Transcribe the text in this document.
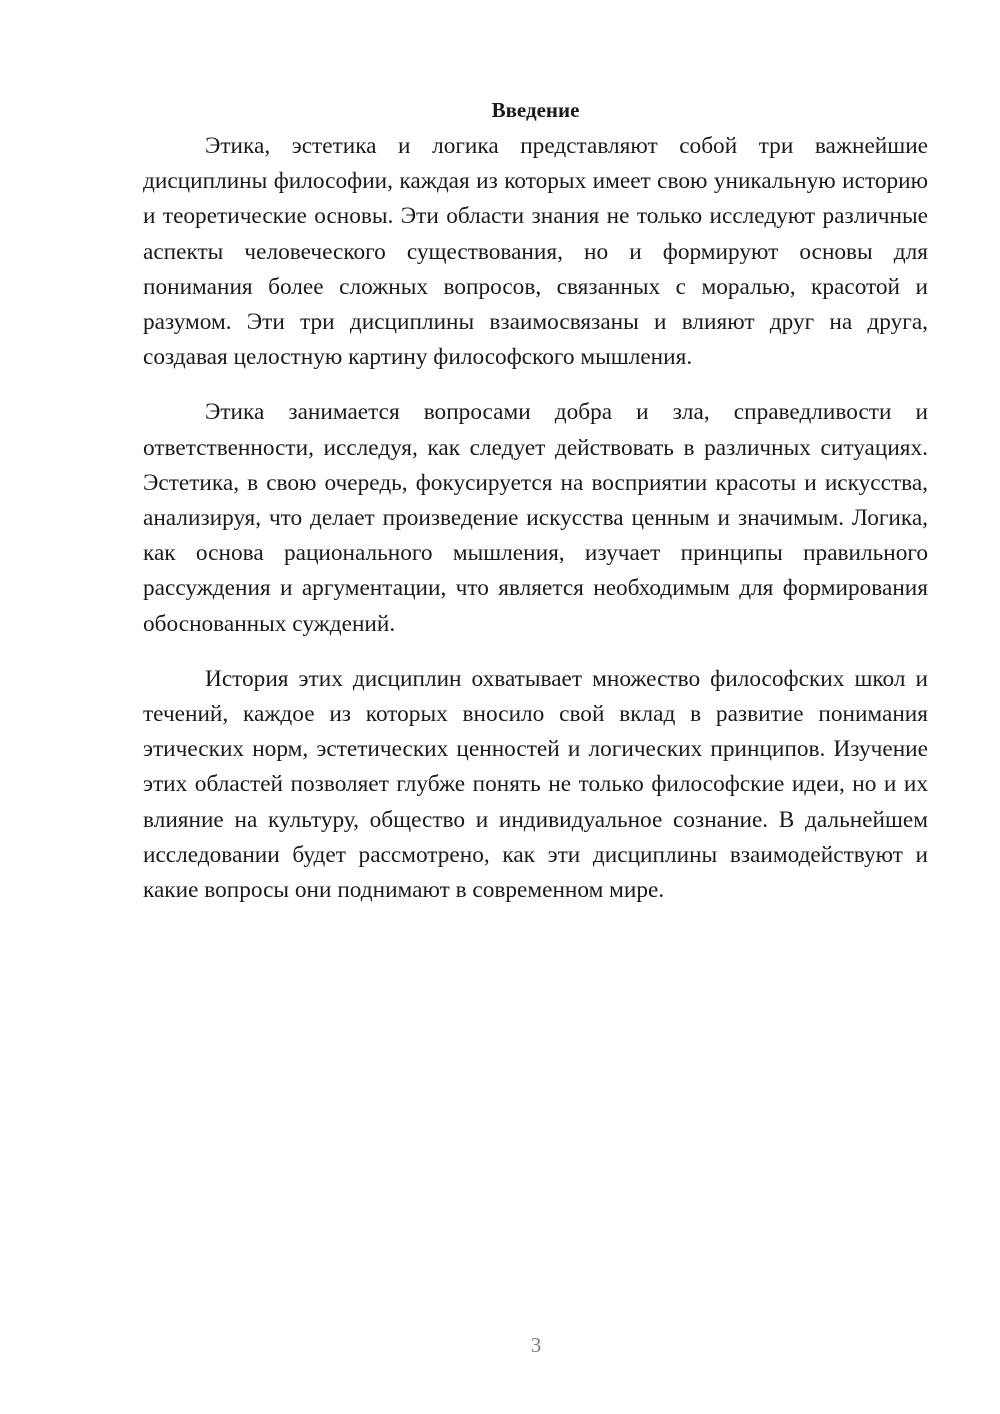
Введение

Этика, эстетика и логика представляют собой три важнейшие дисциплины философии, каждая из которых имеет свою уникальную историю и теоретические основы. Эти области знания не только исследуют различные аспекты человеческого существования, но и формируют основы для понимания более сложных вопросов, связанных с моралью, красотой и разумом. Эти три дисциплины взаимосвязаны и влияют друг на друга, создавая целостную картину философского мышления.

Этика занимается вопросами добра и зла, справедливости и ответственности, исследуя, как следует действовать в различных ситуациях. Эстетика, в свою очередь, фокусируется на восприятии красоты и искусства, анализируя, что делает произведение искусства ценным и значимым. Логика, как основа рационального мышления, изучает принципы правильного рассуждения и аргументации, что является необходимым для формирования обоснованных суждений.

История этих дисциплин охватывает множество философских школ и течений, каждое из которых вносило свой вклад в развитие понимания этических норм, эстетических ценностей и логических принципов. Изучение этих областей позволяет глубже понять не только философские идеи, но и их влияние на культуру, общество и индивидуальное сознание. В дальнейшем исследовании будет рассмотрено, как эти дисциплины взаимодействуют и какие вопросы они поднимают в современном мире.

3
